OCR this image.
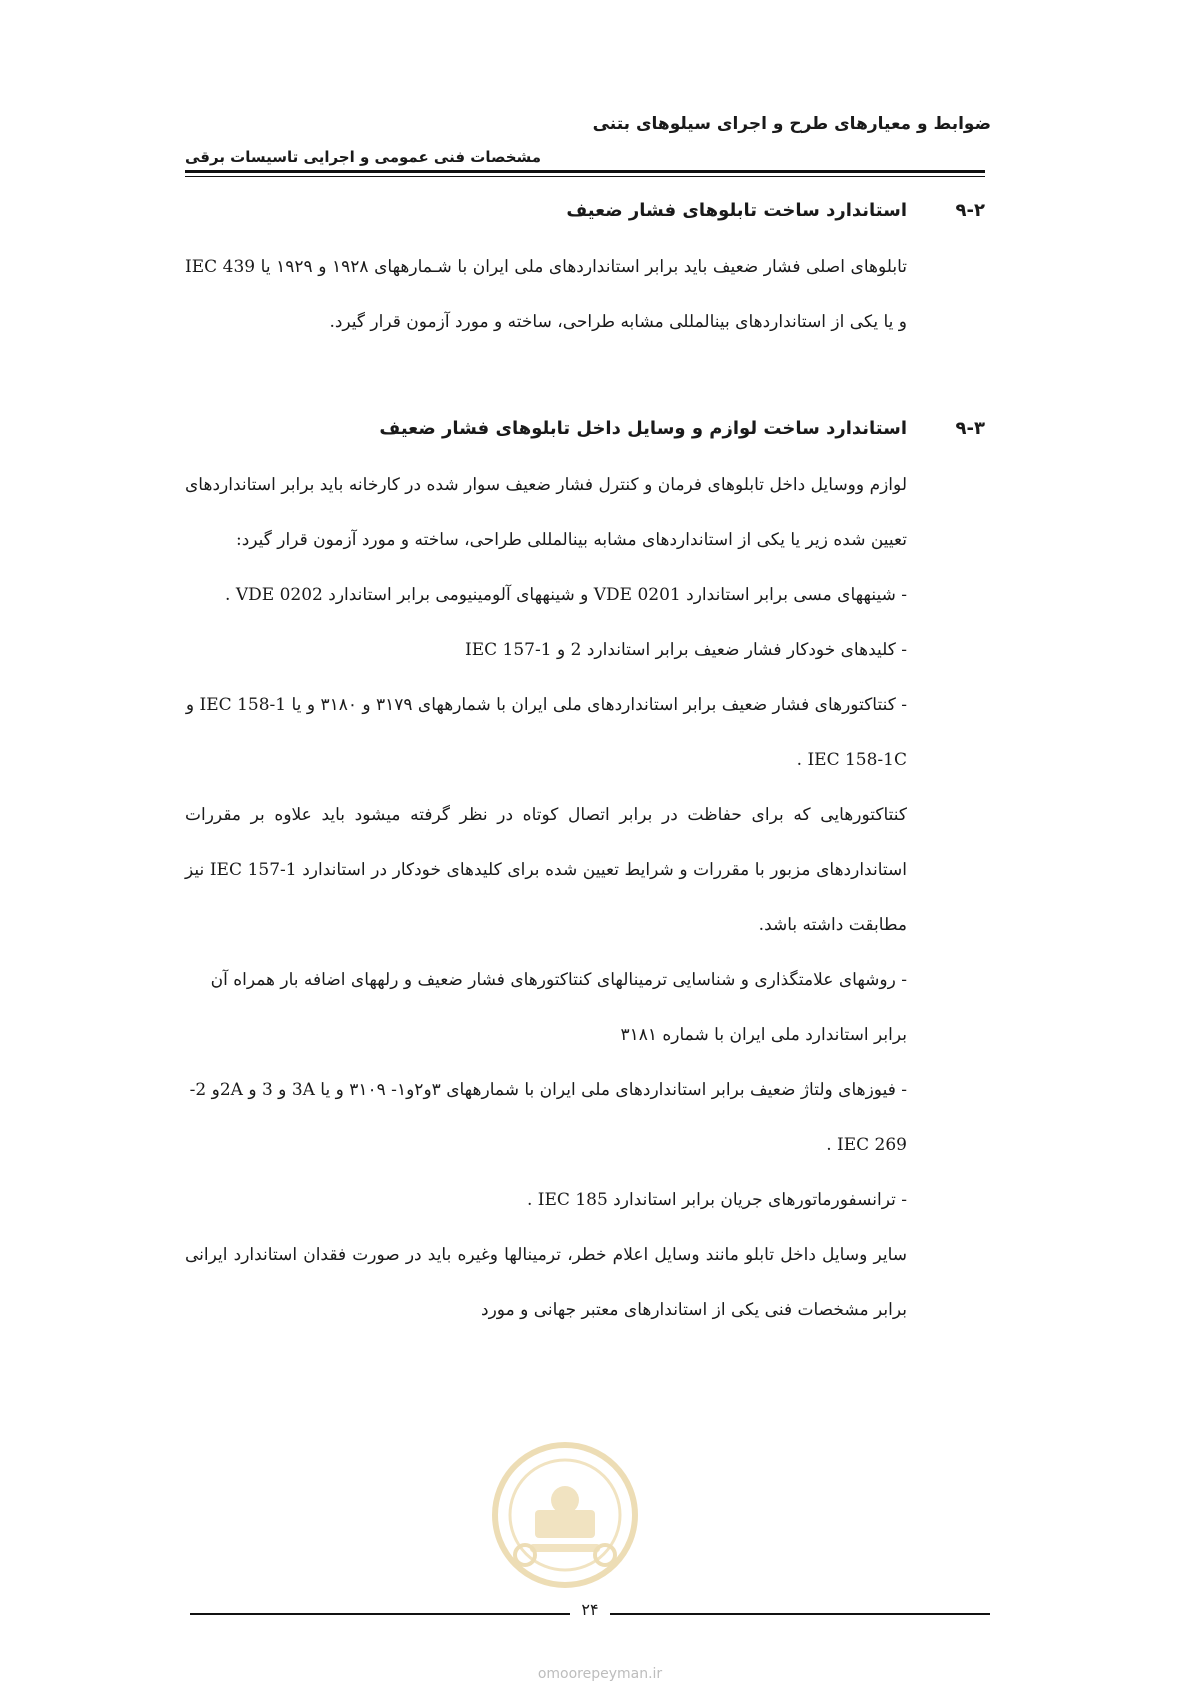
ضوابط و معیارهای طرح و اجرای سیلوهای بتنی
مشخصات فنی عمومی و اجرایی تاسیسات برقی
۹-۲
استاندارد ساخت تابلوهای فشار ضعیف

تابلوهای اصلی فشار ضعیف باید برابر استانداردهای ملی ایران با شـمارههای ۱۹۲۸ و ۱۹۲۹ یا IEC 439 و یا یکی از استانداردهای بینالمللی مشابه طراحی، ساخته و مورد آزمون قرار گیرد.

۹-۳
استاندارد ساخت لوازم و وسایل داخل تابلوهای فشار ضعیف

لوازم ووسایل داخل تابلوهای فرمان و کنترل فشار ضعیف سوار شده در کارخانه باید برابر استانداردهای تعیین شده زیر یا یکی از استانداردهای مشابه بینالمللی طراحی، ساخته و مورد آزمون قرار گیرد:

- شینههای مسی برابر استاندارد VDE 0201 و شینههای آلومینیومی برابر استاندارد VDE 0202 .

- کلیدهای خودکار فشار ضعیف برابر استاندارد 2 و IEC 157-1

- کنتاکتورهای فشار ضعیف برابر استانداردهای ملی ایران با شمارههای ۳۱۷۹ و ۳۱۸۰ و یا IEC 158-1 و IEC 158-1C .

کنتاکتورهایی که برای حفاظت در برابر اتصال کوتاه در نظر گرفته میشود باید علاوه بر مقررات استانداردهای مزبور با مقررات و شرایط تعیین شده برای کلیدهای خودکار در استاندارد IEC 157-1 نیز مطابقت داشته باشد.

- روشهای علامتگذاری و شناسایی ترمینالهای کنتاکتورهای فشار ضعیف و رلههای اضافه بار همراه آن برابر استاندارد ملی ایران با شماره ۳۱۸۱

- فیوزهای ولتاژ ضعیف برابر استانداردهای ملی ایران با شمارههای ۳و۲و۱- ۳۱۰۹ و یا 3A و 3 و 2Aو 2-269 IEC .

- ترانسفورماتورهای جریان برابر استاندارد IEC 185 .

سایر وسایل داخل تابلو مانند وسایل اعلام خطر، ترمینالها وغیره باید در صورت فقدان استاندارد ایرانی برابر مشخصات فنی یکی از استاندارهای معتبر جهانی و مورد

۲۴
omoorepeyman.ir
